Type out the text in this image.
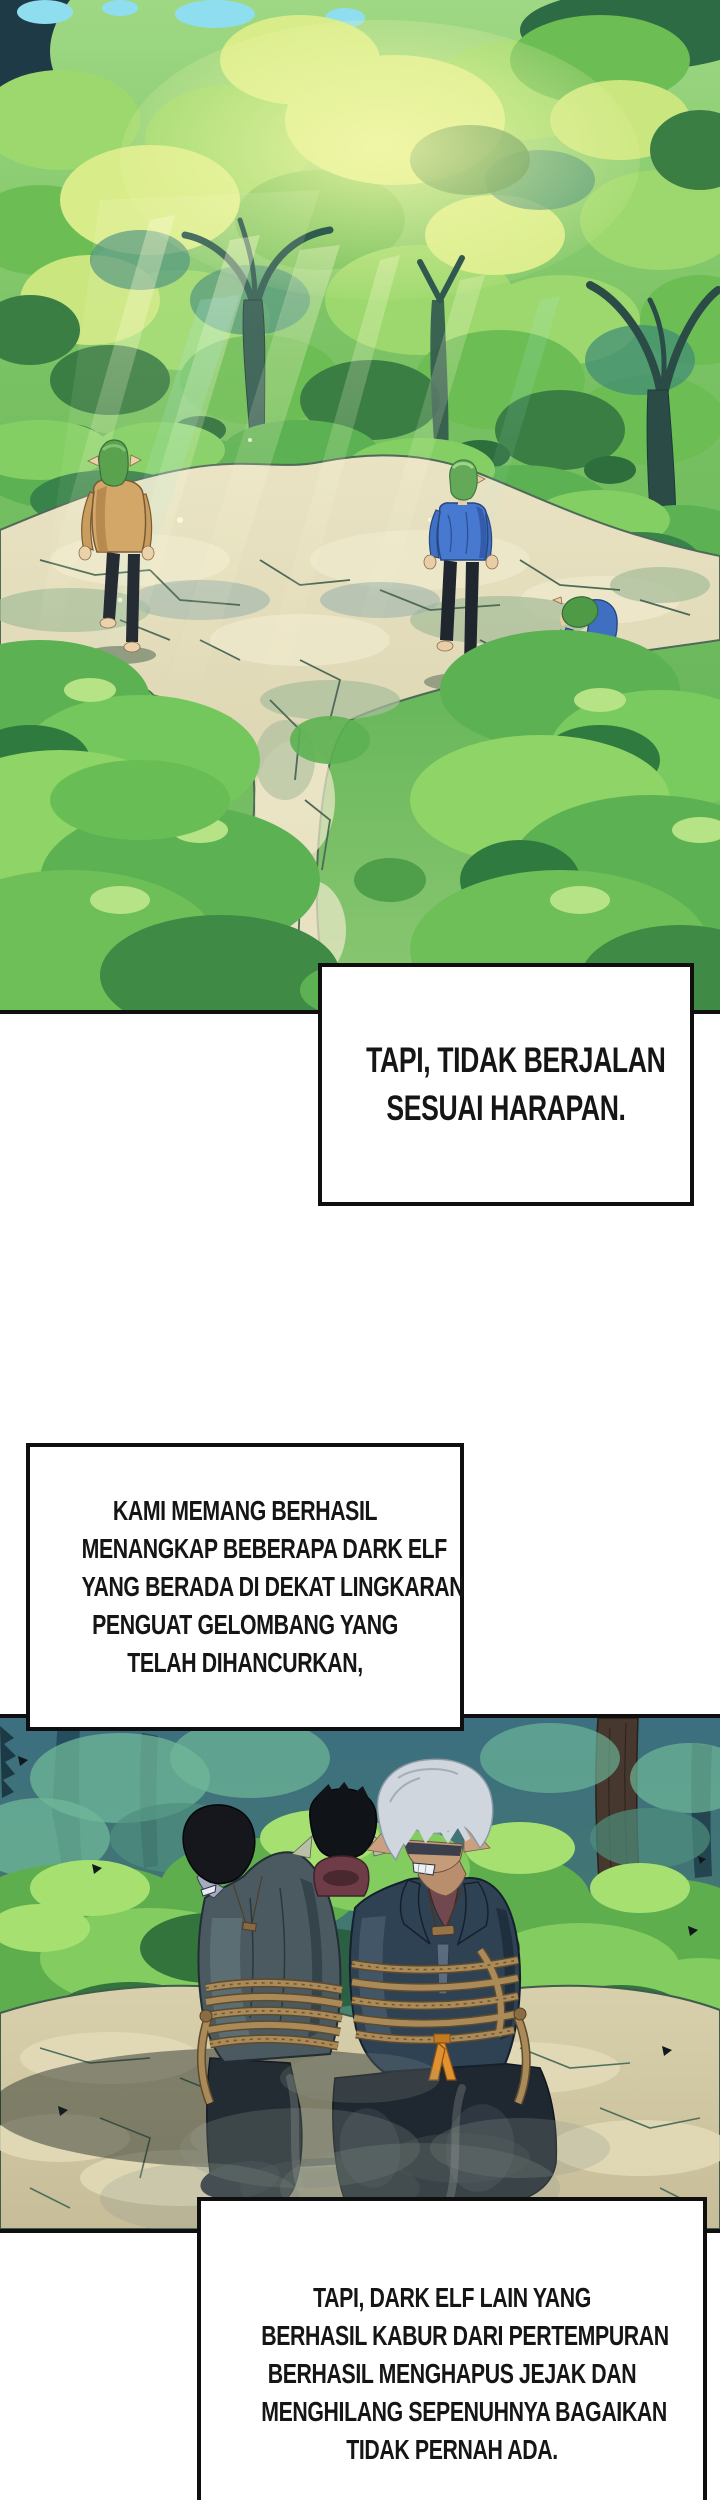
TAPI, TIDAK BERJALAN

SESUAI HARAPAN.

KAMI MEMANG BERHASIL

MENANGKAP BEBERAPA DARK ELF

YANG BERADA DI DEKAT LINGKARAN

PENGUAT GELOMBANG YANG

TELAH DIHANCURKAN,

TAPI, DARK ELF LAIN YANG

BERHASIL KABUR DARI PERTEMPURAN

BERHASIL MENGHAPUS JEJAK DAN

MENGHILANG SEPENUHNYA BAGAIKAN

TIDAK PERNAH ADA.
